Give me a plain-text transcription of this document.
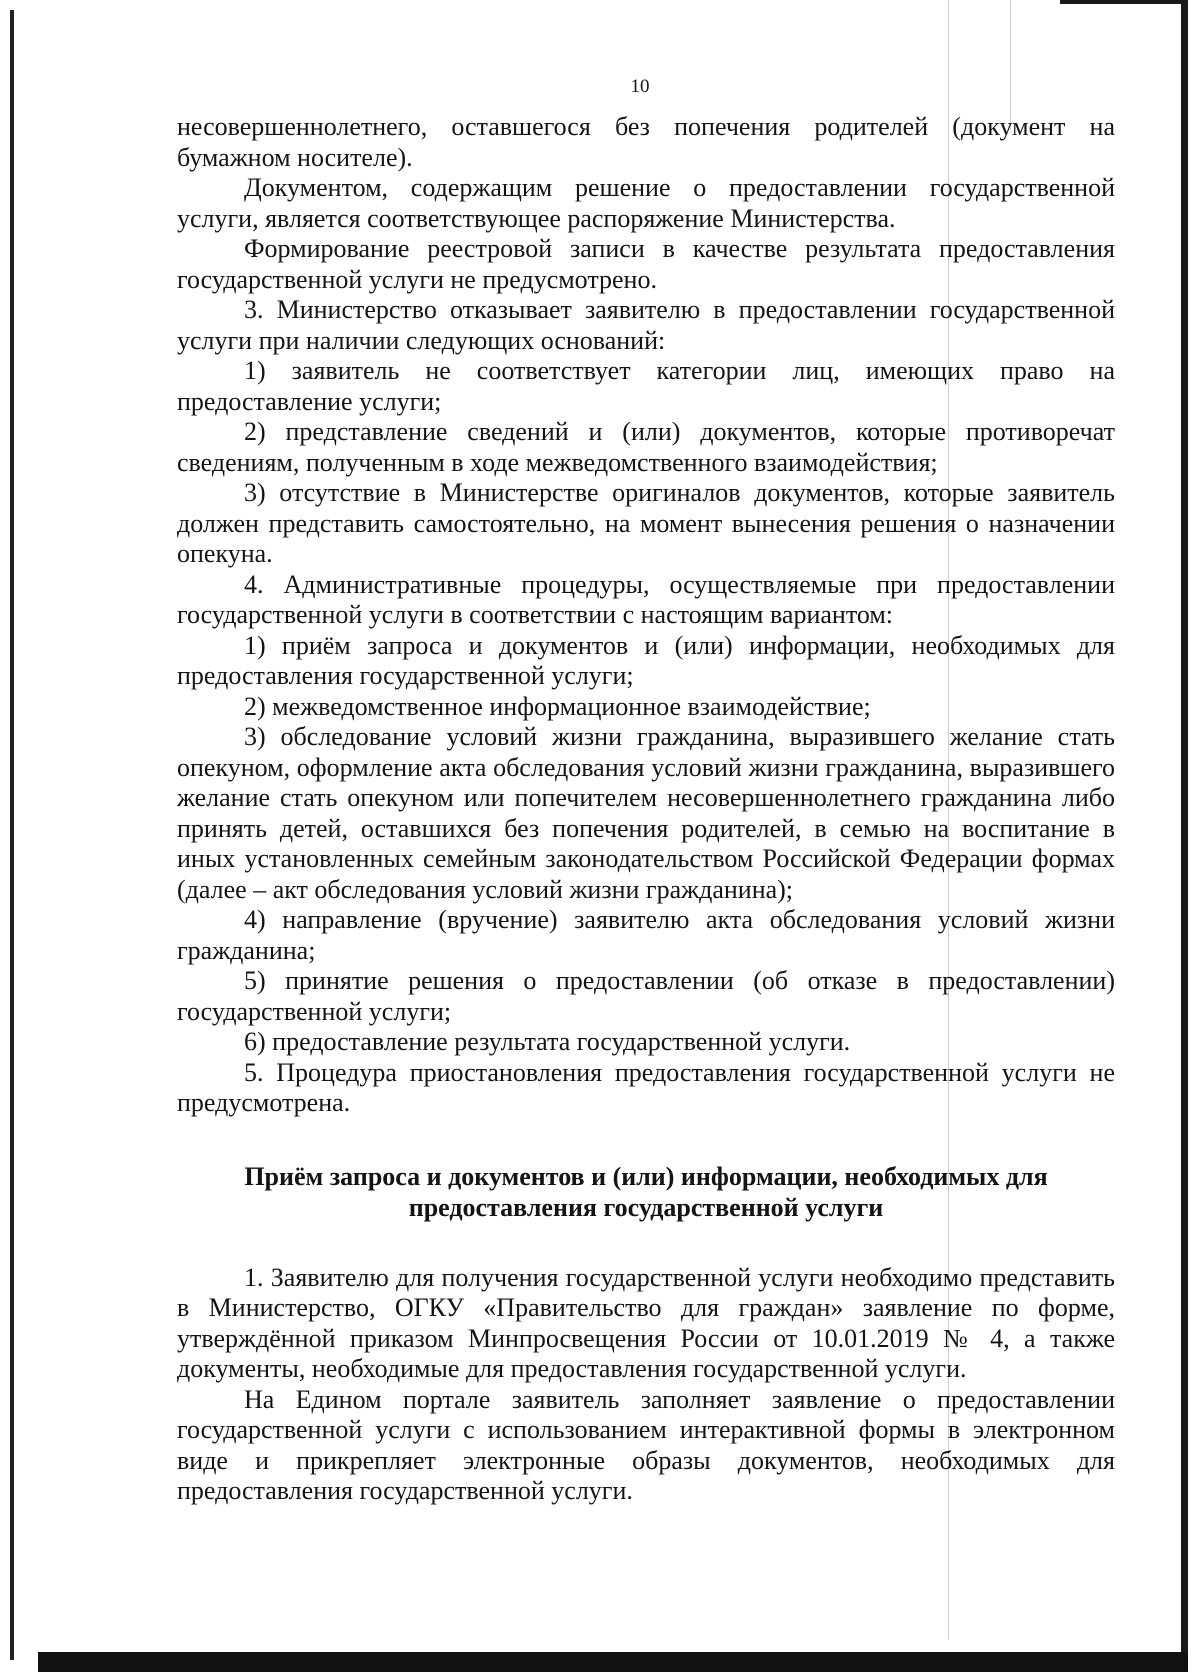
10

несовершеннолетнего, оставшегося без попечения родителей (документ на бумажном носителе).

Документом, содержащим решение о предоставлении государственной услуги, является соответствующее распоряжение Министерства.

Формирование реестровой записи в качестве результата предоставления государственной услуги не предусмотрено.

3. Министерство отказывает заявителю в предоставлении государственной услуги при наличии следующих оснований:

1) заявитель не соответствует категории лиц, имеющих право на предоставление услуги;

2) представление сведений и (или) документов, которые противоречат сведениям, полученным в ходе межведомственного взаимодействия;

3) отсутствие в Министерстве оригиналов документов, которые заявитель должен представить самостоятельно, на момент вынесения решения о назначении опекуна.

4. Административные процедуры, осуществляемые при предоставлении государственной услуги в соответствии с настоящим вариантом:

1) приём запроса и документов и (или) информации, необходимых для предоставления государственной услуги;

2) межведомственное информационное взаимодействие;

3) обследование условий жизни гражданина, выразившего желание стать опекуном, оформление акта обследования условий жизни гражданина, выразившего желание стать опекуном или попечителем несовершеннолетнего гражданина либо принять детей, оставшихся без попечения родителей, в семью на воспитание в иных установленных семейным законодательством Российской Федерации формах (далее – акт обследования условий жизни гражданина);

4) направление (вручение) заявителю акта обследования условий жизни гражданина;

5) принятие решения о предоставлении (об отказе в предоставлении) государственной услуги;

6) предоставление результата государственной услуги.

5. Процедура приостановления предоставления государственной услуги не предусмотрена.

Приём запроса и документов и (или) информации, необходимых для предоставления государственной услуги

1. Заявителю для получения государственной услуги необходимо представить в Министерство, ОГКУ «Правительство для граждан» заявление по форме, утверждённой приказом Минпросвещения России от 10.01.2019 № 4, а также документы, необходимые для предоставления государственной услуги.

На Едином портале заявитель заполняет заявление о предоставлении государственной услуги с использованием интерактивной формы в электронном виде и прикрепляет электронные образы документов, необходимых для предоставления государственной услуги.
